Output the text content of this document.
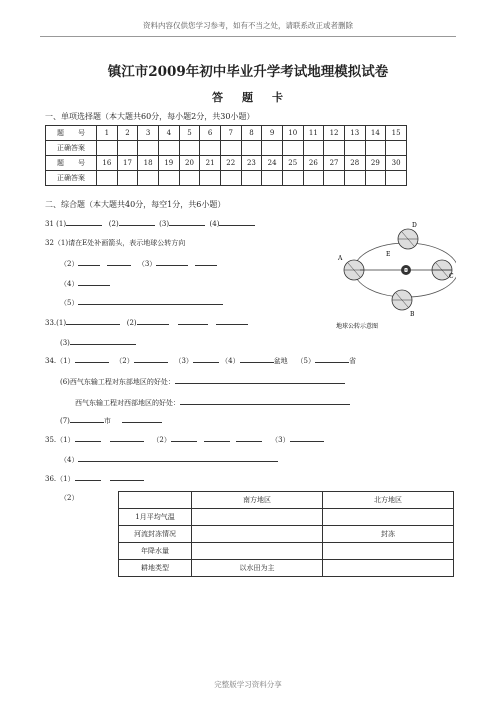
资料内容仅供您学习参考，如有不当之处，请联系改正或者删除
镇江市2009年初中毕业升学考试地理模拟试卷
答题卡
一、单项选择题（本大题共60分，每小题2分，共30小题）
题　　号	1	2	3	4	5	6	7	8	9	10	11	12	13	14	15
正确答案															
题　　号	16	17	18	19	20	21	22	23	24	25	26	27	28	29	30
正确答案															
二、综合题（本大题共40分，每空1分，共6小题）
31 (1)	(2)	(3)	(4)
32（1)请在E处补画箭头，表示地球公转方向
（2）	（3）
（4）
（5）
33.(1)	(2)
(3)
D
A
C
B
E
地球公转示意图
34.（1）	（2）	（3）	（4）	盆地 （5）	省
(6)西气东输工程对东部地区的好处：
西气东输工程对西部地区的好处：
(7)	市
35.（1）	（2）	（3）
（4）
36.（1）
（2）
		南方地区	北方地区
1月平均气温		
河流封冻情况		封冻
年降水量		
耕地类型	以水田为主	
完整版学习资料分享
